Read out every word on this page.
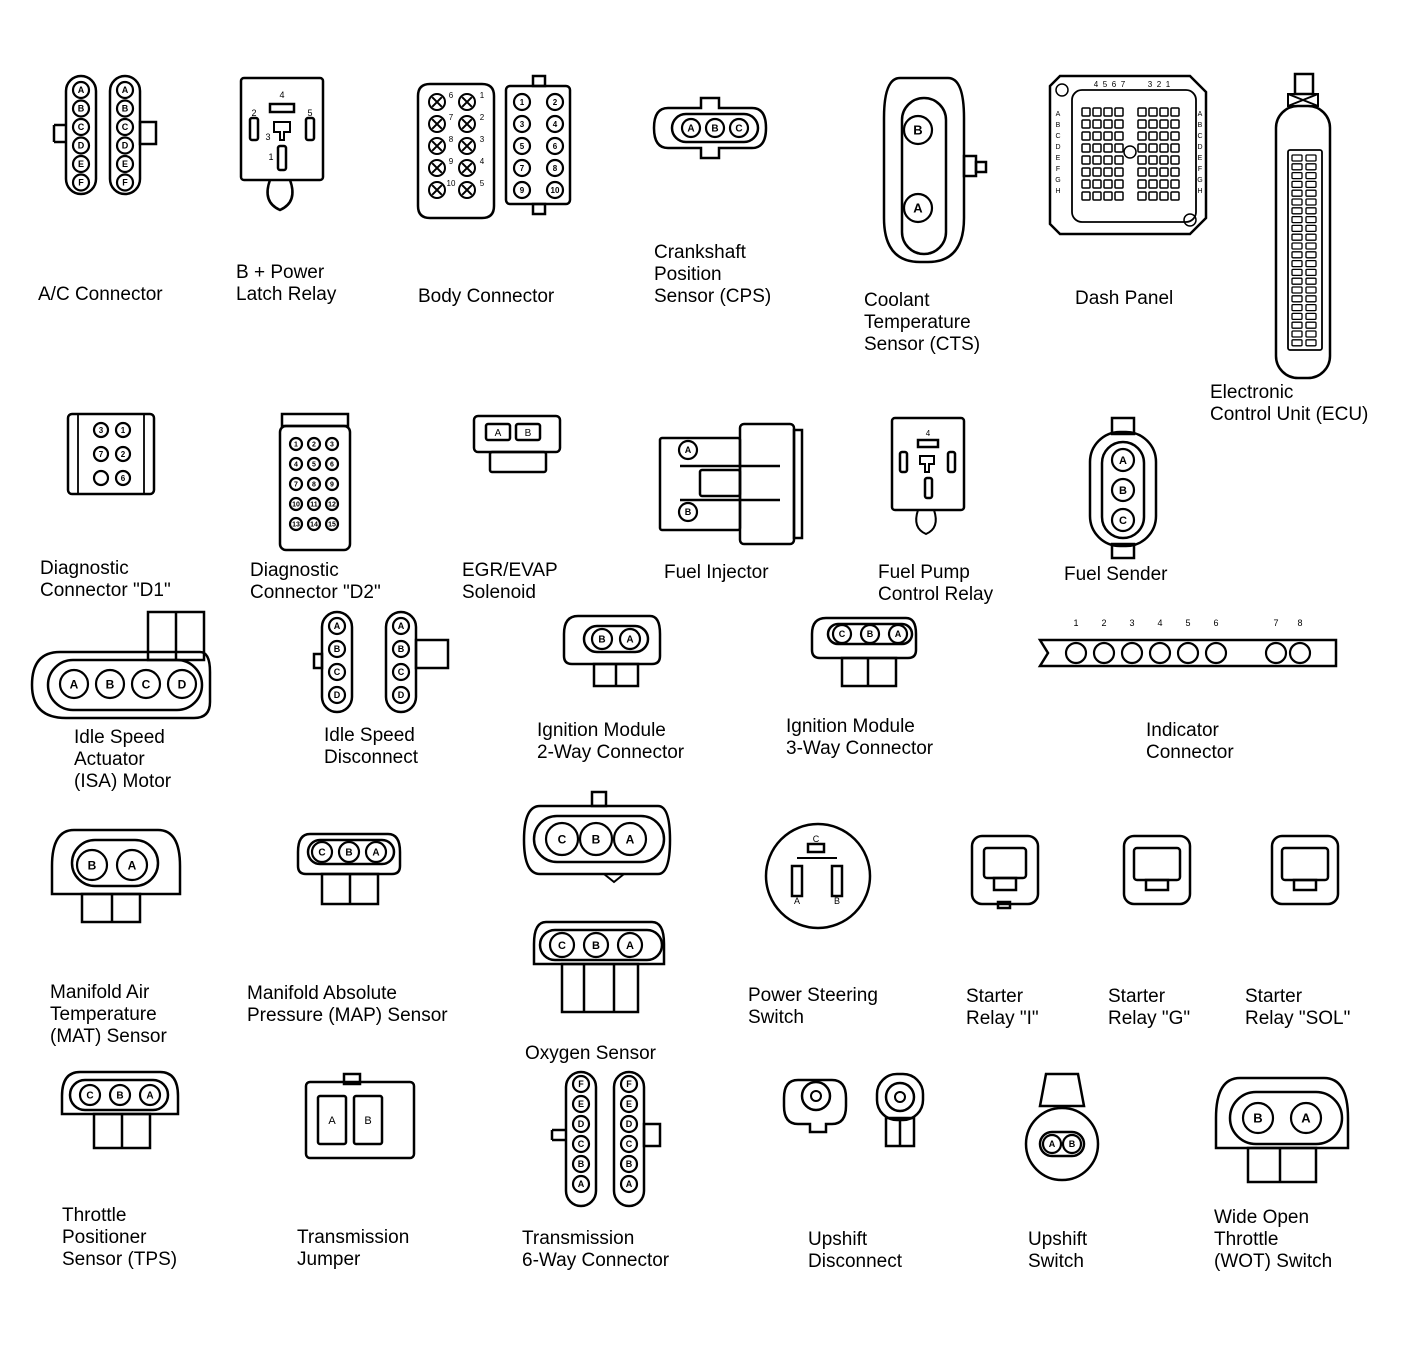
A	A
B	B
C	C
D	D
E	E
F	F
4
2	5
3
1
6	1
7	2
8	3
9	4
10	5
1	2
3	4
5	6
7	8
9	10
A B C	B
A
4 5 6 7	3 2 1
A	A
B	B
C	C
D	D
E	E
F	F
G	G
H	H
3 1
7 2
6
1 2 3
4 5 6
7 8 9
10 11 12
13 14 15
A B
A
B
4
A
B
C
A B C D
A	A
B	B
C	C
D	D
B A
C B A
1	2	3	4	5	6	7 8
B	A
C B A
C B A
C B A
C
A	B
C B A
A	B
F	F
E	E
D	D
C	C
B	B
A	A
A B
B	A
A/C Connector
B + Power
Latch Relay	Body Connector
Crankshaft
Position
Sensor (CPS)	Coolant
Temperature
Sensor (CTS)
Dash Panel
Electronic
Control Unit (ECU)
Diagnostic
Connector "D1"
Diagnostic
Connector "D2"
EGR/EVAP
Solenoid
Fuel Injector	Fuel Pump
Control Relay
Fuel Sender
Idle Speed
Actuator
(ISA) Motor
Idle Speed
Disconnect
Ignition Module
2-Way Connector
Ignition Module
3-Way Connector
Indicator
Connector
Manifold Air
Temperature
(MAT) Sensor
Manifold Absolute
Pressure (MAP) Sensor
Oxygen Sensor
Power Steering
Switch
Starter
Relay "I"
Starter
Relay "G"
Starter
Relay "SOL"
Throttle
Positioner
Sensor (TPS)
Transmission
Jumper
Transmission
6-Way Connector
Upshift
Disconnect
Upshift
Switch
Wide Open
Throttle
(WOT) Switch
